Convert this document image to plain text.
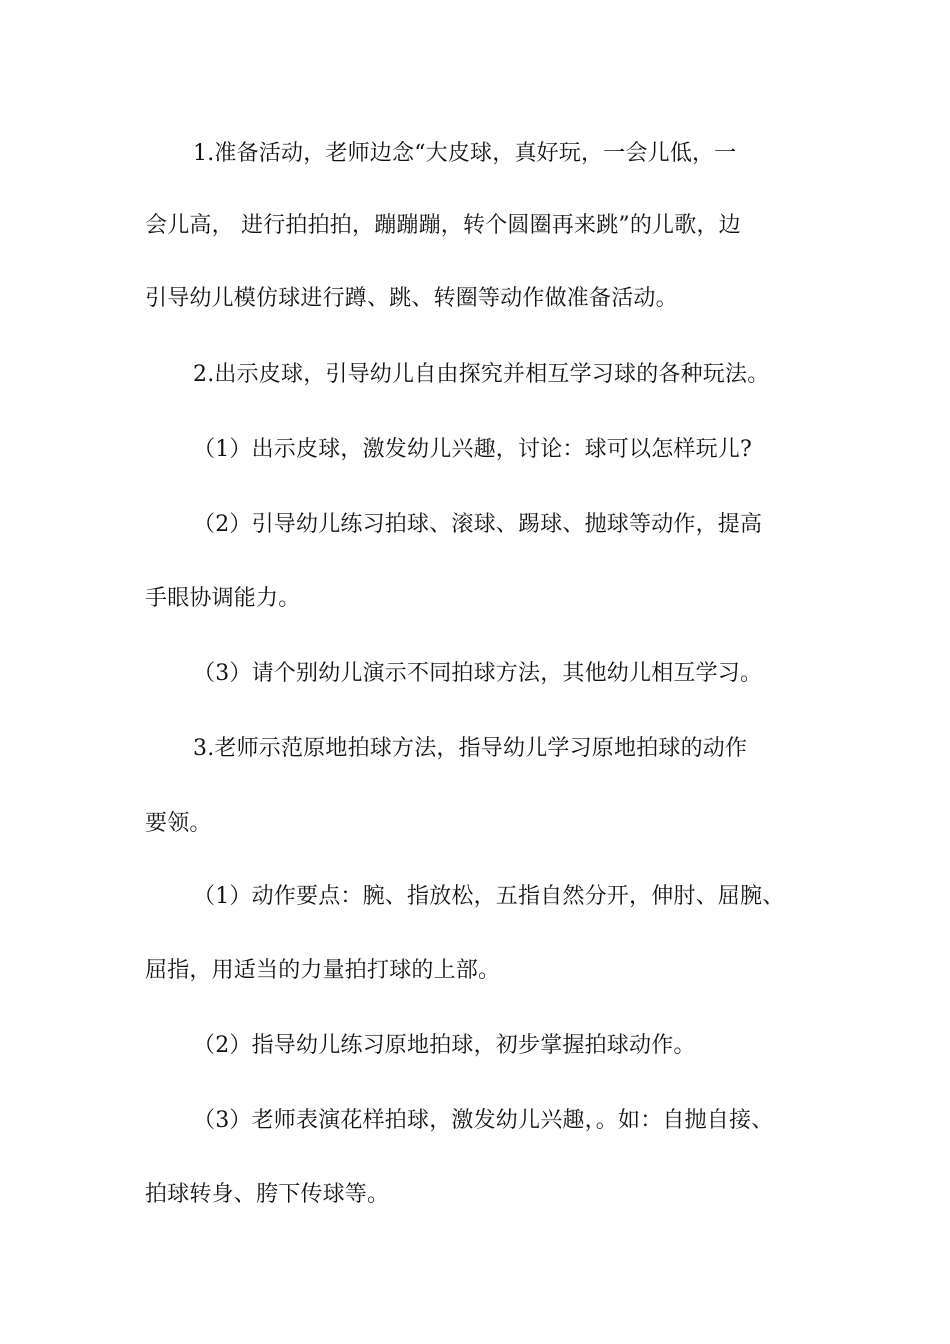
1.准备活动，老师边念“大皮球，真好玩，一会儿低，一
会儿高， 进行拍拍拍，蹦蹦蹦，转个圆圈再来跳”的儿歌，边
引导幼儿模仿球进行蹲、跳、转圈等动作做准备活动。
2.出示皮球，引导幼儿自由探究并相互学习球的各种玩法。
（1）出示皮球，激发幼儿兴趣，讨论：球可以怎样玩儿?
（2）引导幼儿练习拍球、滚球、踢球、抛球等动作，提高
手眼协调能力。
（3）请个别幼儿演示不同拍球方法，其他幼儿相互学习。
3.老师示范原地拍球方法，指导幼儿学习原地拍球的动作
要领。
（1）动作要点：腕、指放松，五指自然分开，伸肘、屈腕、
屈指，用适当的力量拍打球的上部。
（2）指导幼儿练习原地拍球，初步掌握拍球动作。
（3）老师表演花样拍球，激发幼儿兴趣，。如：自抛自接、
拍球转身、胯下传球等。
